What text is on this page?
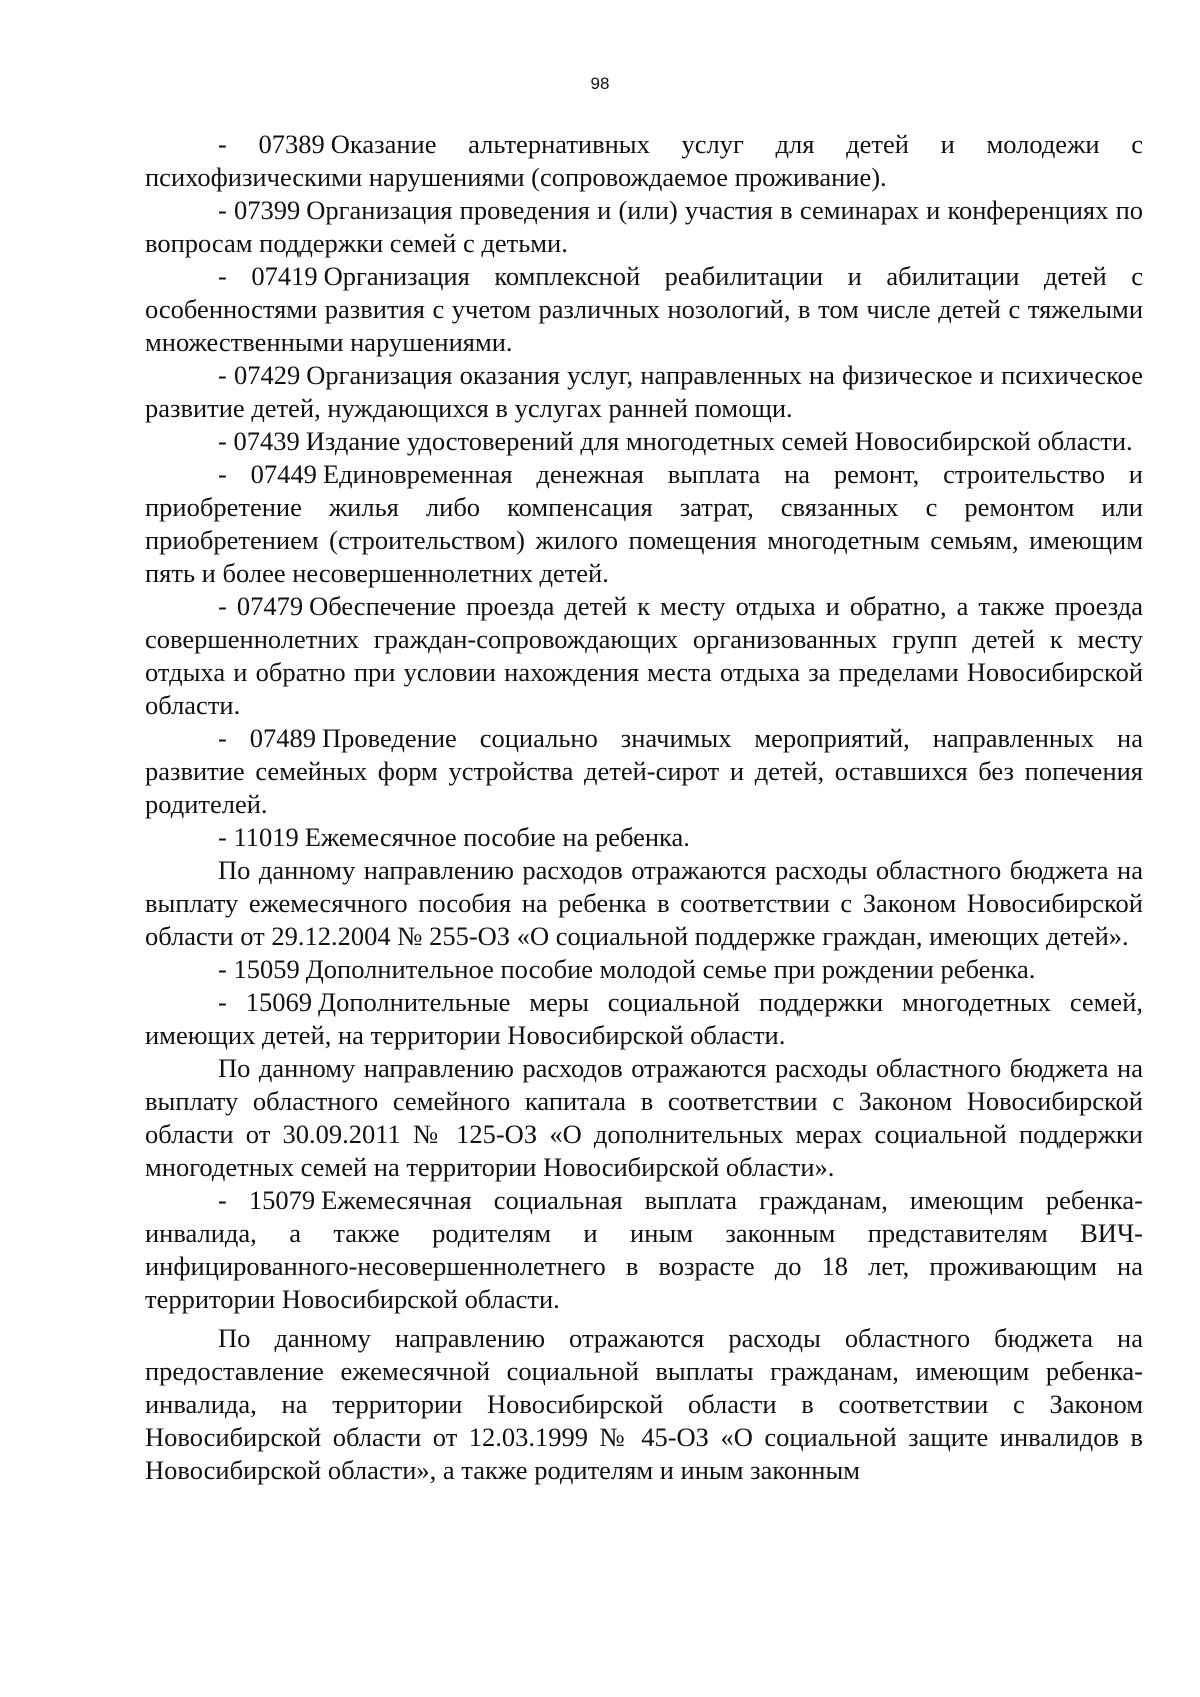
98

- 07389 Оказание альтернативных услуг для детей и молодежи с психофизическими нарушениями (сопровождаемое проживание).

- 07399 Организация проведения и (или) участия в семинарах и конференциях по вопросам поддержки семей с детьми.

- 07419 Организация комплексной реабилитации и абилитации детей с особенностями развития с учетом различных нозологий, в том числе детей с тяжелыми множественными нарушениями.

- 07429 Организация оказания услуг, направленных на физическое и психическое развитие детей, нуждающихся в услугах ранней помощи.

- 07439 Издание удостоверений для многодетных семей Новосибирской области.

- 07449 Единовременная денежная выплата на ремонт, строительство и приобретение жилья либо компенсация затрат, связанных с ремонтом или приобретением (строительством) жилого помещения многодетным семьям, имеющим пять и более несовершеннолетних детей.

- 07479 Обеспечение проезда детей к месту отдыха и обратно, а также проезда совершеннолетних граждан-сопровождающих организованных групп детей к месту отдыха и обратно при условии нахождения места отдыха за пределами Новосибирской области.

- 07489 Проведение социально значимых мероприятий, направленных на развитие семейных форм устройства детей-сирот и детей, оставшихся без попечения родителей.

- 11019 Ежемесячное пособие на ребенка.

По данному направлению расходов отражаются расходы областного бюджета на выплату ежемесячного пособия на ребенка в соответствии с Законом Новосибирской области от 29.12.2004 № 255-ОЗ «О социальной поддержке граждан, имеющих детей».

- 15059 Дополнительное пособие молодой семье при рождении ребенка.

- 15069 Дополнительные меры социальной поддержки многодетных семей, имеющих детей, на территории Новосибирской области.

По данному направлению расходов отражаются расходы областного бюджета на выплату областного семейного капитала в соответствии с Законом Новосибирской области от 30.09.2011 № 125-ОЗ «О дополнительных мерах социальной поддержки многодетных семей на территории Новосибирской области».

- 15079 Ежемесячная социальная выплата гражданам, имеющим ребенка-инвалида, а также родителям и иным законным представителям ВИЧ-инфицированного-несовершеннолетнего в возрасте до 18 лет, проживающим на территории Новосибирской области.

По данному направлению отражаются расходы областного бюджета на предоставление ежемесячной социальной выплаты гражданам, имеющим ребенка-инвалида, на территории Новосибирской области в соответствии с Законом Новосибирской области от 12.03.1999 № 45-ОЗ «О социальной защите инвалидов в Новосибирской области», а также родителям и иным законным
